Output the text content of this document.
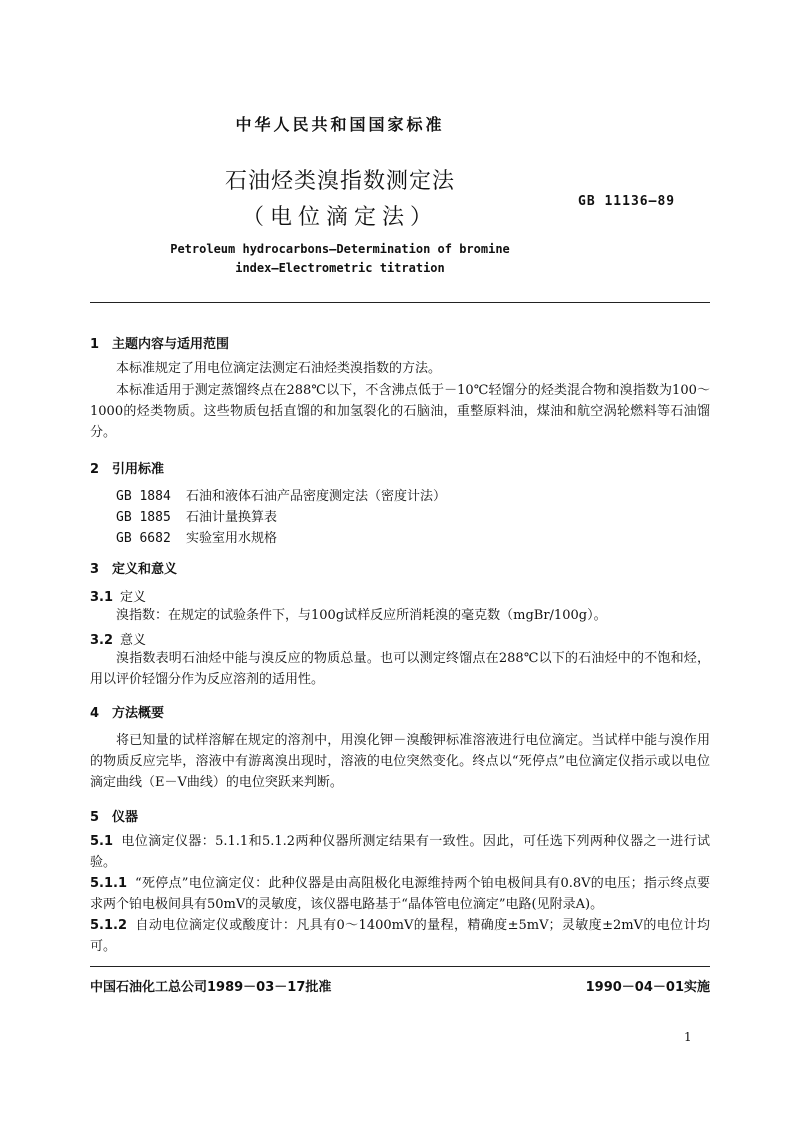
中华人民共和国国家标准
石油烃类溴指数测定法
（电位滴定法）
GB 11136—89
Petroleum hydrocarbons—Determination of bromine
index—Electrometric titration
1 主题内容与适用范围
本标准规定了用电位滴定法测定石油烃类溴指数的方法。
本标准适用于测定蒸馏终点在288℃以下，不含沸点低于－10℃轻馏分的烃类混合物和溴指数为100～1000的烃类物质。这些物质包括直馏的和加氢裂化的石脑油，重整原料油，煤油和航空涡轮燃料等石油馏分。
2 引用标准
GB 1884 石油和液体石油产品密度测定法（密度计法）
GB 1885 石油计量换算表
GB 6682 实验室用水规格
3 定义和意义
3.1 定义
溴指数：在规定的试验条件下，与100g试样反应所消耗溴的毫克数（mgBr/100g）。
3.2 意义
溴指数表明石油烃中能与溴反应的物质总量。也可以测定终馏点在288℃以下的石油烃中的不饱和烃，用以评价轻馏分作为反应溶剂的适用性。
4 方法概要
将已知量的试样溶解在规定的溶剂中，用溴化钾－溴酸钾标准溶液进行电位滴定。当试样中能与溴作用的物质反应完毕，溶液中有游离溴出现时，溶液的电位突然变化。终点以“死停点”电位滴定仪指示或以电位滴定曲线（E－V曲线）的电位突跃来判断。
5 仪器
5.1 电位滴定仪器：5.1.1和5.1.2两种仪器所测定结果有一致性。因此，可任选下列两种仪器之一进行试验。
5.1.1 “死停点”电位滴定仪：此种仪器是由高阻极化电源维持两个铂电极间具有0.8V的电压；指示终点要求两个铂电极间具有50mV的灵敏度，该仪器电路基于“晶体管电位滴定”电路(见附录A)。
5.1.2 自动电位滴定仪或酸度计：凡具有0～1400mV的量程，精确度±5mV；灵敏度±2mV的电位计均可。
中国石油化工总公司1989－03－17批准	1990－04－01实施
1
